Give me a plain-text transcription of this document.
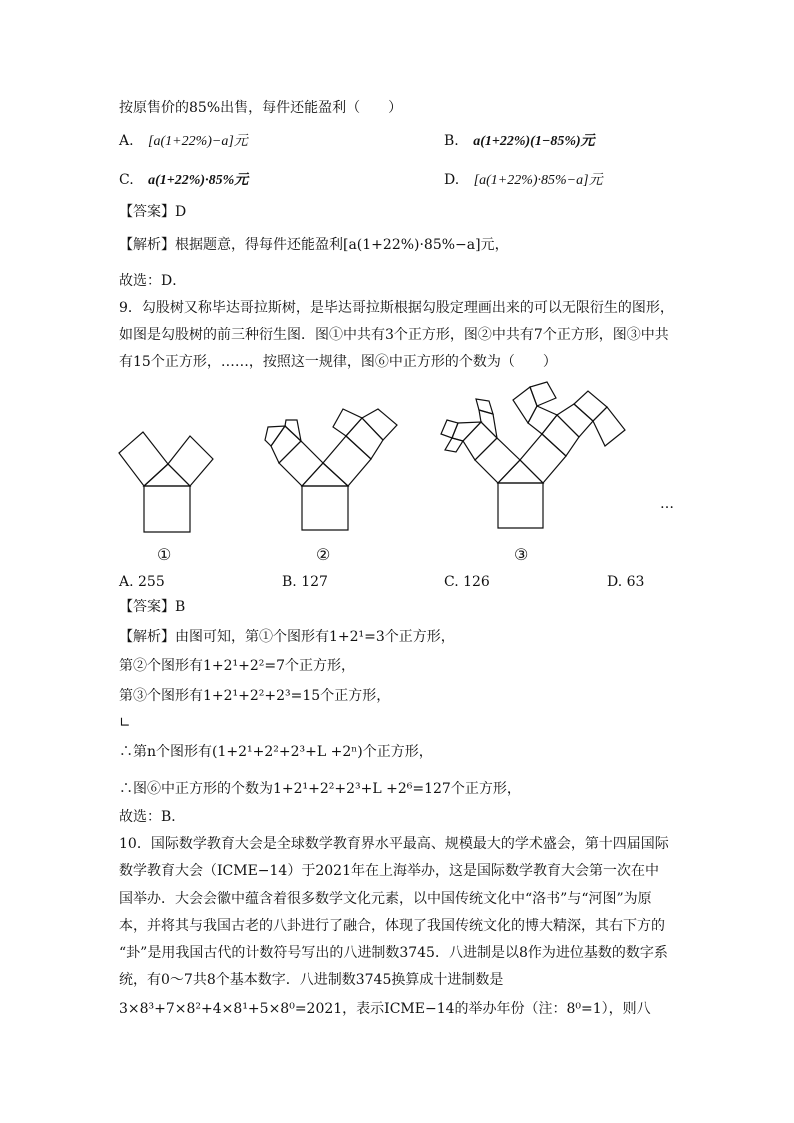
按原售价的85%出售，每件还能盈利（　　）
A. [a(1+22%)−a]元	B. a(1+22%)(1−85%)元
C. a(1+22%)·85%元	D. [a(1+22%)·85%−a]元
【答案】D
【解析】根据题意，得每件还能盈利[a(1+22%)·85%−a]元，
故选：D．
9．勾股树又称毕达哥拉斯树，是毕达哥拉斯根据勾股定理画出来的可以无限衍生的图形，
如图是勾股树的前三种衍生图．图①中共有3个正方形，图②中共有7个正方形，图③中共
有15个正方形，……，按照这一规律，图⑥中正方形的个数为（　　）
①	②	③
…
A. 255	B. 127	C. 126	D. 63
【答案】B
【解析】由图可知，第①个图形有1+2¹=3个正方形，
第②个图形有1+2¹+2²=7个正方形，
第③个图形有1+2¹+2²+2³=15个正方形，
∟
∴第n个图形有(1+2¹+2²+2³+L +2ⁿ)个正方形，
∴图⑥中正方形的个数为1+2¹+2²+2³+L +2⁶=127个正方形，
故选：B．
10．国际数学教育大会是全球数学教育界水平最高、规模最大的学术盛会，第十四届国际
数学教育大会（ICME−14）于2021年在上海举办，这是国际数学教育大会第一次在中
国举办．大会会徽中蕴含着很多数学文化元素，以中国传统文化中“洛书”与“河图”为原
本，并将其与我国古老的八卦进行了融合，体现了我国传统文化的博大精深，其右下方的
“卦”是用我国古代的计数符号写出的八进制数3745．八进制是以8作为进位基数的数字系
统，有0～7共8个基本数字．八进制数3745换算成十进制数是
3×8³+7×8²+4×8¹+5×8⁰=2021，表示ICME−14的举办年份（注：8⁰=1），则八
